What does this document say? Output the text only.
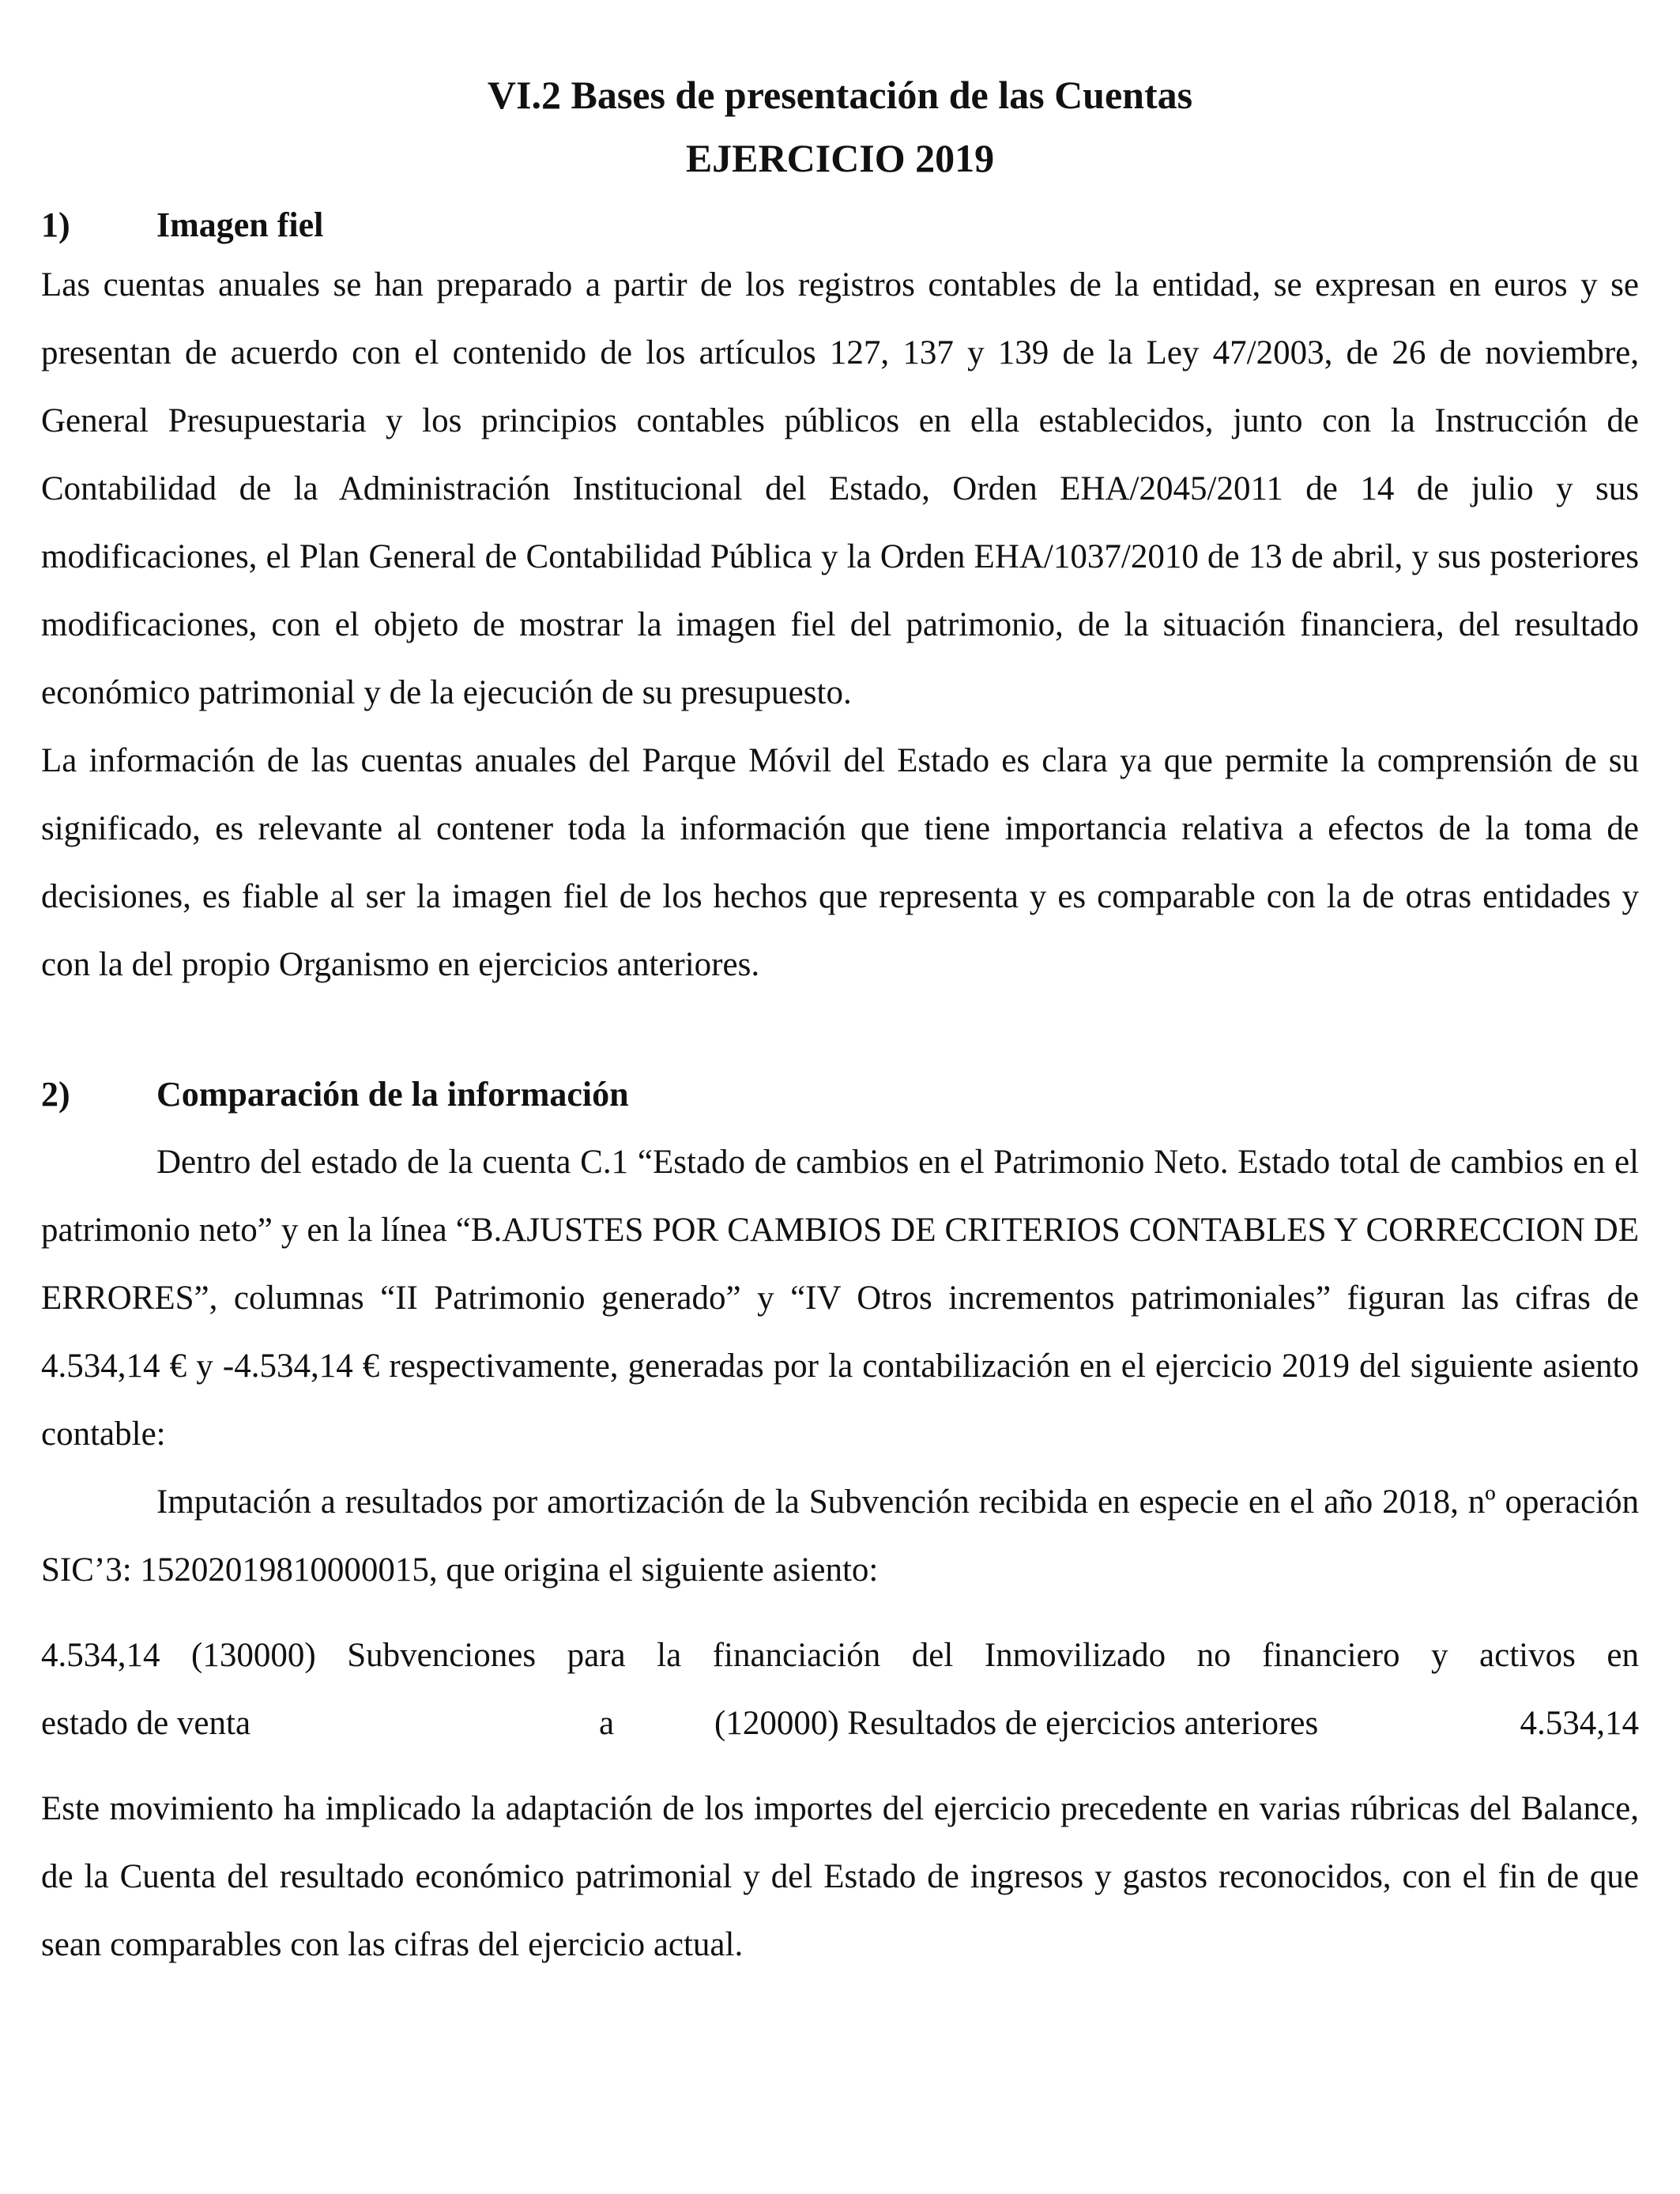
VI.2 Bases de presentación de las Cuentas
EJERCICIO 2019
1)	Imagen fiel

Las cuentas anuales se han preparado a partir de los registros contables de la entidad, se expresan en euros y se presentan de acuerdo con el contenido de los artículos 127, 137 y 139 de la Ley 47/2003, de 26 de noviembre, General Presupuestaria y los principios contables públicos en ella establecidos, junto con la Instrucción de Contabilidad de la Administración Institucional del Estado, Orden EHA/2045/2011 de 14 de julio y sus modificaciones, el Plan General de Contabilidad Pública y la Orden EHA/1037/2010 de 13 de abril, y sus posteriores modificaciones, con el objeto de mostrar la imagen fiel del patrimonio, de la situación financiera, del resultado económico patrimonial y de la ejecución de su presupuesto.

La información de las cuentas anuales del Parque Móvil del Estado es clara ya que permite la comprensión de su significado, es relevante al contener toda la información que tiene importancia relativa a efectos de la toma de decisiones, es fiable al ser la imagen fiel de los hechos que representa y es comparable con la de otras entidades y con la del propio Organismo en ejercicios anteriores.

2)	Comparación de la información

Dentro del estado de la cuenta C.1 “Estado de cambios en el Patrimonio Neto. Estado total de cambios en el patrimonio neto” y en la línea “B.AJUSTES POR CAMBIOS DE CRITERIOS CONTABLES Y CORRECCION DE ERRORES”, columnas “II Patrimonio generado” y “IV Otros incrementos patrimoniales” figuran las cifras de 4.534,14 € y -4.534,14 € respectivamente, generadas por la contabilización en el ejercicio 2019 del siguiente asiento contable:

Imputación a resultados por amortización de la Subvención recibida en especie en el año 2018, nº operación SIC’3: 15202019810000015, que origina el siguiente asiento:

4.534,14 (130000) Subvenciones para la financiación del Inmovilizado no financiero y activos en
estado de venta	a	(120000) Resultados de ejercicios anteriores	4.534,14

Este movimiento ha implicado la adaptación de los importes del ejercicio precedente en varias rúbricas del Balance, de la Cuenta del resultado económico patrimonial y del Estado de ingresos y gastos reconocidos, con el fin de que sean comparables con las cifras del ejercicio actual.
